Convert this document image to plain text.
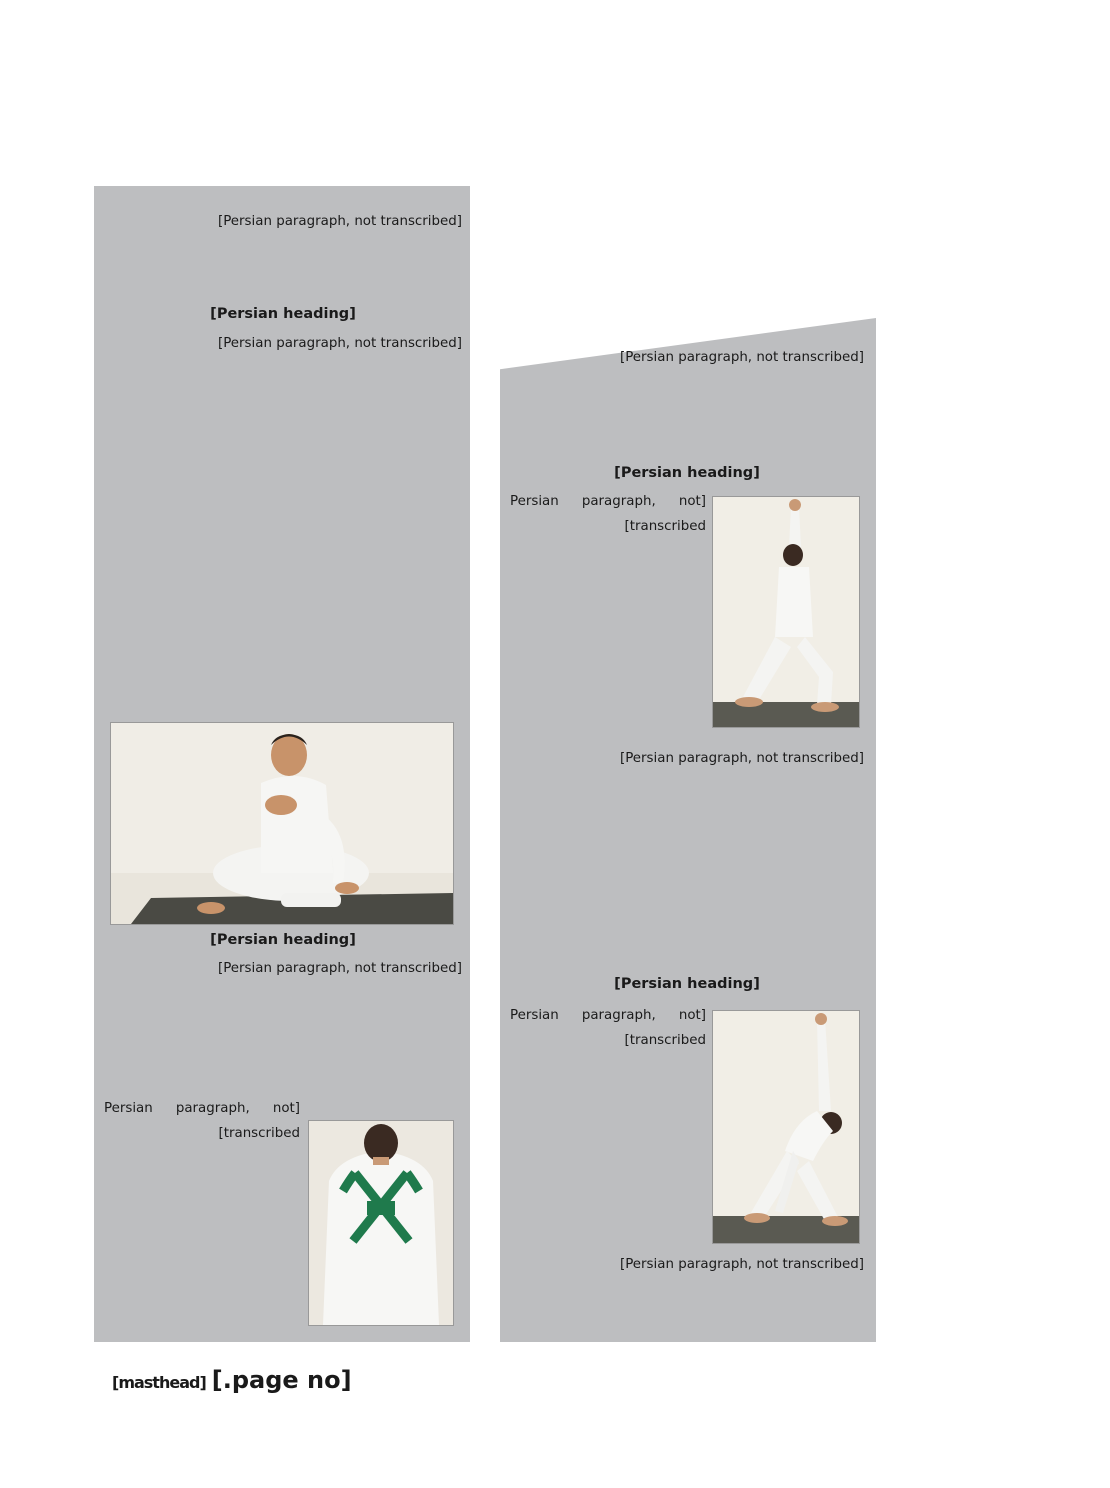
[Persian paragraph, not transcribed]
[Persian heading]
[Persian paragraph, not transcribed]
[Persian heading]
[Persian paragraph, not transcribed]
[Persian paragraph, not transcribed]
[Persian paragraph, not transcribed]
[Persian heading]
[Persian paragraph, not transcribed]
[Persian paragraph, not transcribed]
[Persian heading]
[Persian paragraph, not transcribed]
[Persian paragraph, not transcribed]
[page no.]
[masthead]
